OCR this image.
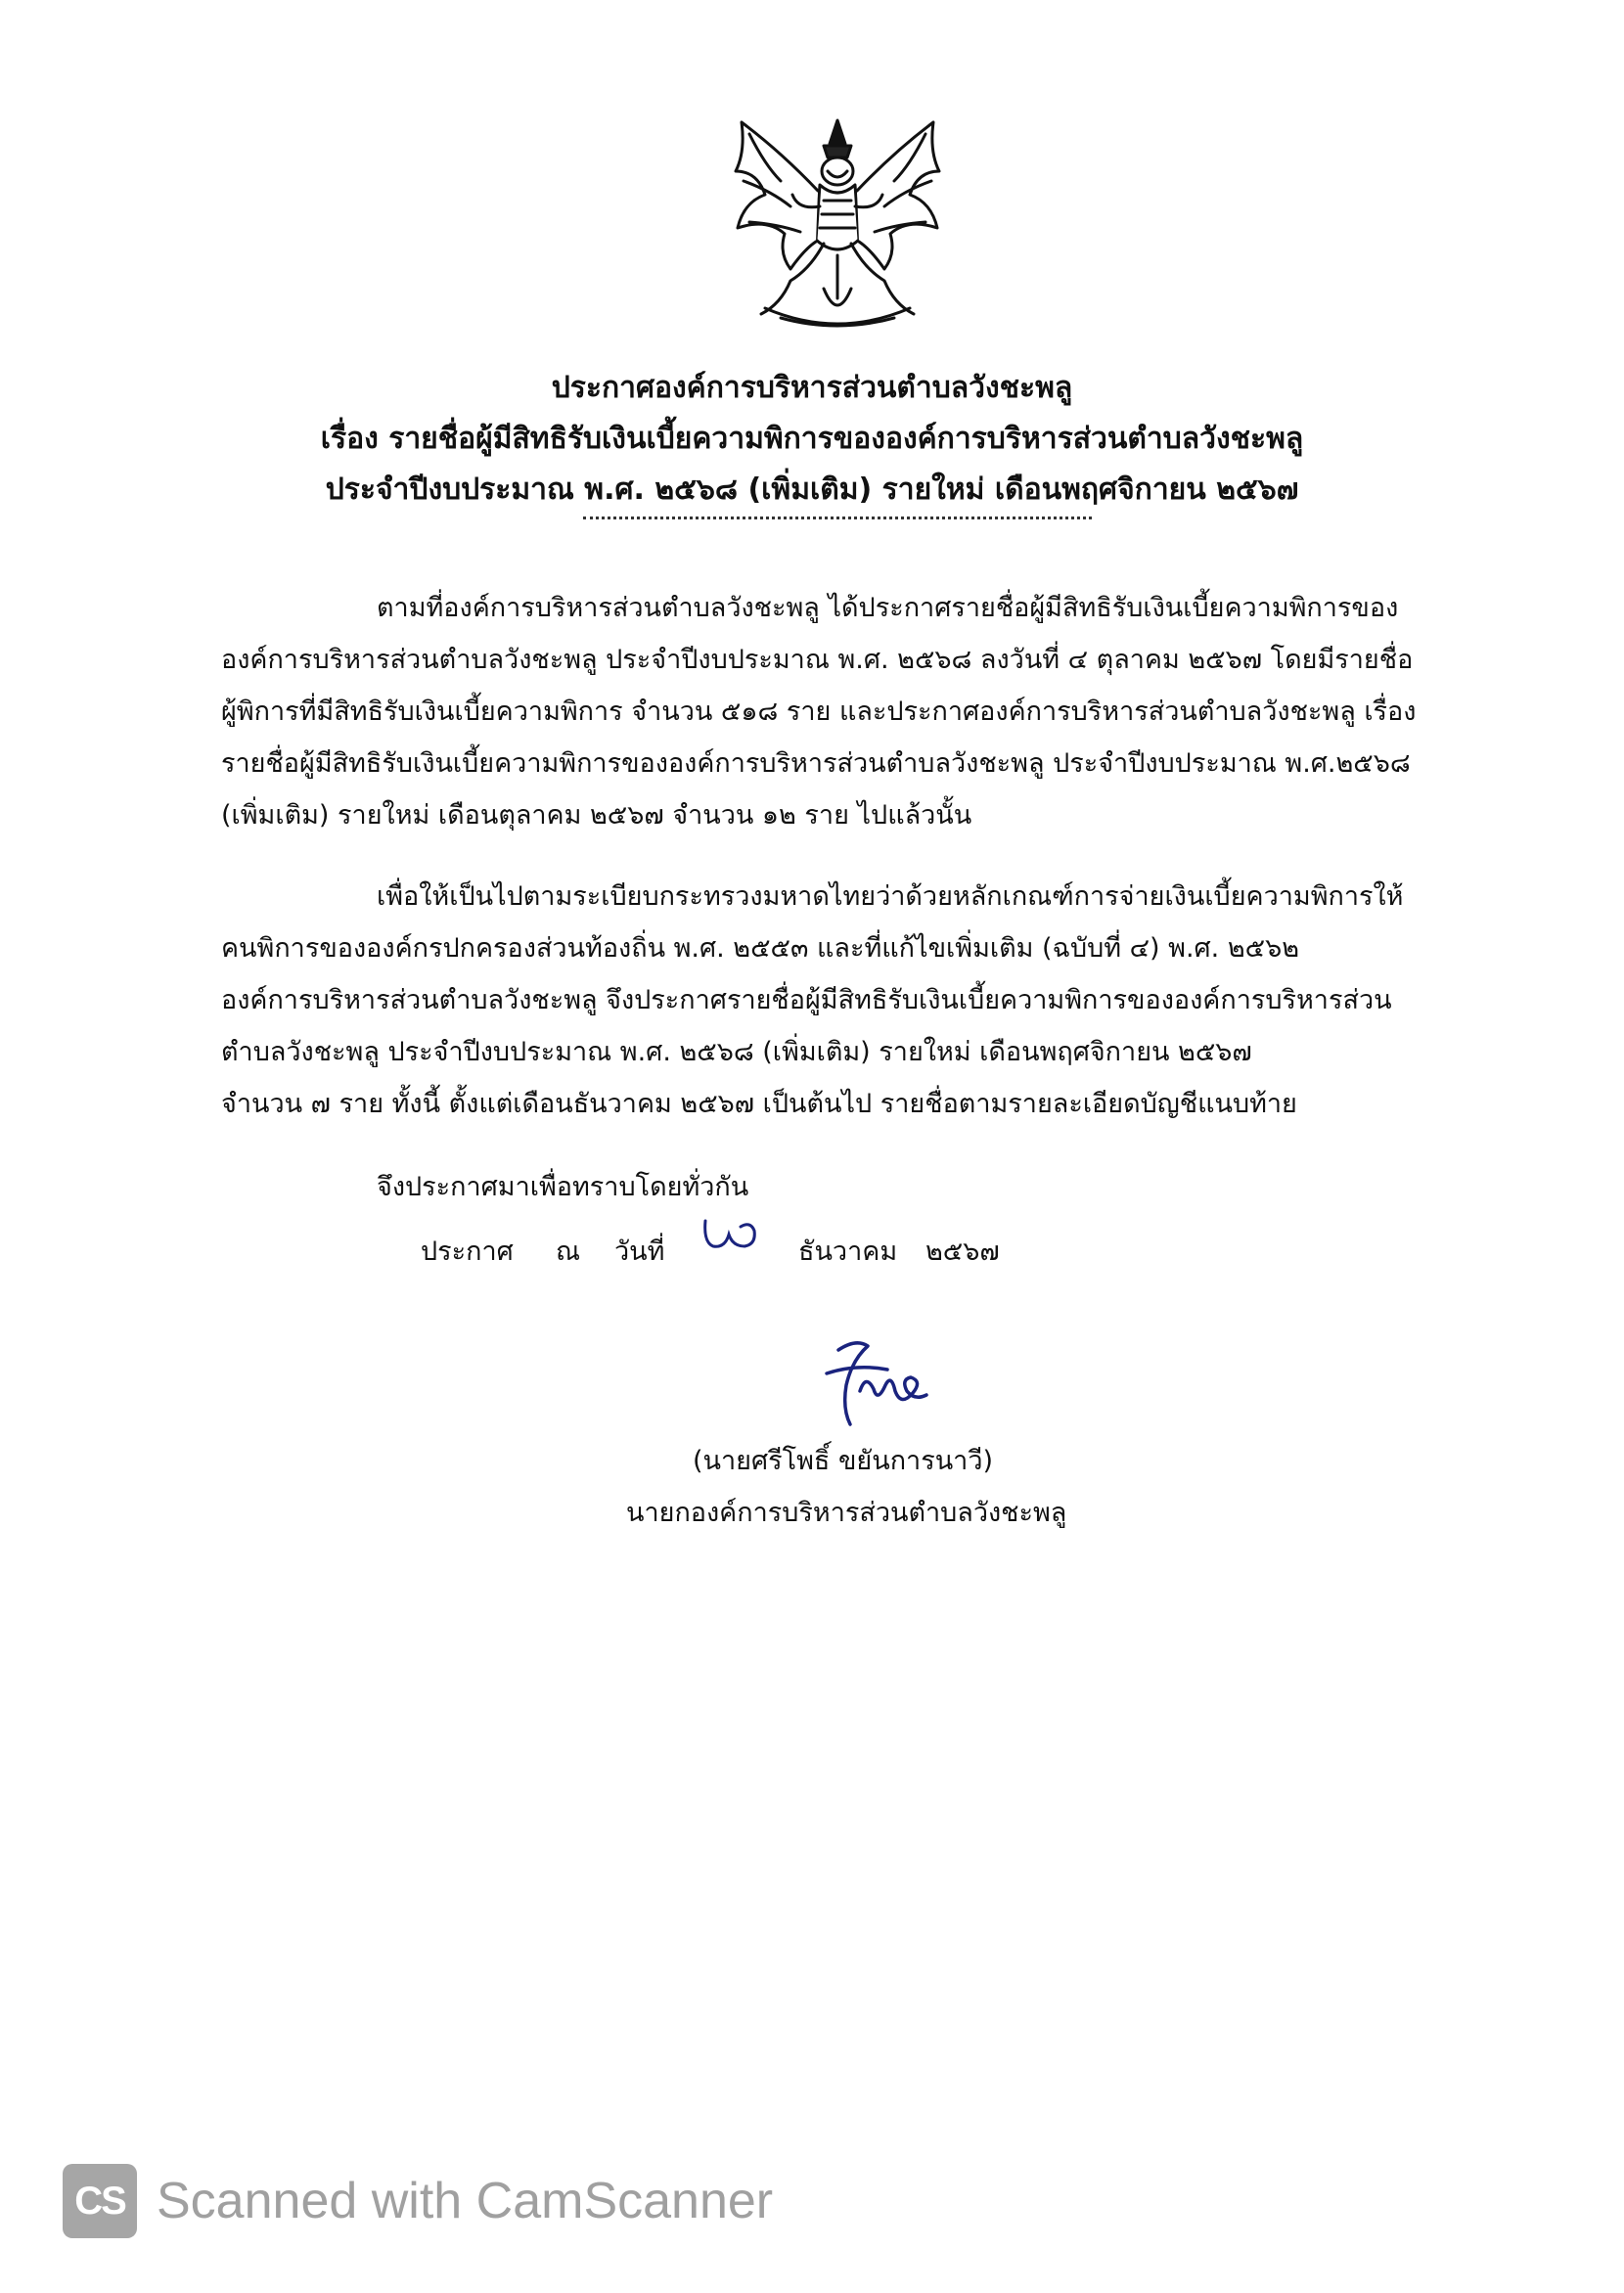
ประกาศองค์การบริหารส่วนตำบลวังชะพลู
เรื่อง รายชื่อผู้มีสิทธิรับเงินเบี้ยความพิการขององค์การบริหารส่วนตำบลวังชะพลู
ประจำปีงบประมาณ พ.ศ. ๒๕๖๘ (เพิ่มเติม) รายใหม่ เดือนพฤศจิกายน ๒๕๖๗
ตามที่องค์การบริหารส่วนตำบลวังชะพลู ได้ประกาศรายชื่อผู้มีสิทธิรับเงินเบี้ยความพิการของ
องค์การบริหารส่วนตำบลวังชะพลู ประจำปีงบประมาณ พ.ศ. ๒๕๖๘ ลงวันที่ ๔ ตุลาคม ๒๕๖๗ โดยมีรายชื่อ
ผู้พิการที่มีสิทธิรับเงินเบี้ยความพิการ จำนวน ๕๑๘ ราย และประกาศองค์การบริหารส่วนตำบลวังชะพลู เรื่อง
รายชื่อผู้มีสิทธิรับเงินเบี้ยความพิการขององค์การบริหารส่วนตำบลวังชะพลู ประจำปีงบประมาณ พ.ศ.๒๕๖๘
(เพิ่มเติม) รายใหม่ เดือนตุลาคม ๒๕๖๗ จำนวน ๑๒ ราย ไปแล้วนั้น
เพื่อให้เป็นไปตามระเบียบกระทรวงมหาดไทยว่าด้วยหลักเกณฑ์การจ่ายเงินเบี้ยความพิการให้
คนพิการขององค์กรปกครองส่วนท้องถิ่น พ.ศ. ๒๕๕๓ และที่แก้ไขเพิ่มเติม (ฉบับที่ ๔) พ.ศ. ๒๕๖๒
องค์การบริหารส่วนตำบลวังชะพลู จึงประกาศรายชื่อผู้มีสิทธิรับเงินเบี้ยความพิการขององค์การบริหารส่วน
ตำบลวังชะพลู ประจำปีงบประมาณ พ.ศ. ๒๕๖๘ (เพิ่มเติม) รายใหม่ เดือนพฤศจิกายน ๒๕๖๗
จำนวน ๗ ราย ทั้งนี้ ตั้งแต่เดือนธันวาคม ๒๕๖๗ เป็นต้นไป รายชื่อตามรายละเอียดบัญชีแนบท้าย
จึงประกาศมาเพื่อทราบโดยทั่วกัน
ประกาศ ณ วันที่	ธันวาคม ๒๕๖๗
(นายศรีโพธิ์ ขยันการนาวี)
นายกองค์การบริหารส่วนตำบลวังชะพลู
CS Scanned with CamScanner
